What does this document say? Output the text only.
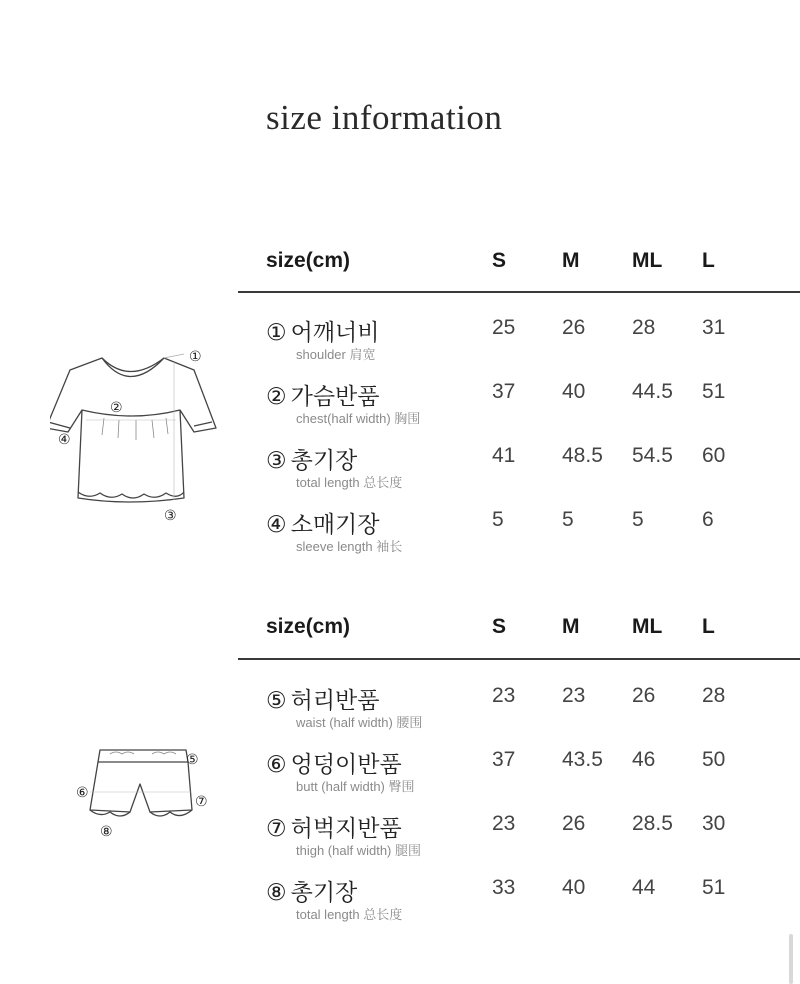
size information
size(cm)	S	M	ML L
① 어깨너비
shoulder 肩宽
25 26 28 31
② 가슴반품
chest(half width) 胸围
37 40 44.5 51
③ 총기장
total length 总长度
41 48.5 54.5 60
④ 소매기장
sleeve length 袖长
5	5	5	6
size(cm)	S	M	ML L
⑤ 허리반품
waist (half width) 腰围
23 23 26 28
⑥ 엉덩이반품
butt (half width) 臀围
37 43.5 46 50
⑦ 허벅지반품
thigh (half width) 腿围
23 26 28.5 30
⑧ 총기장
total length 总长度
33 40 44 51
①
②
③
④
⑤
⑥
⑦
⑧
